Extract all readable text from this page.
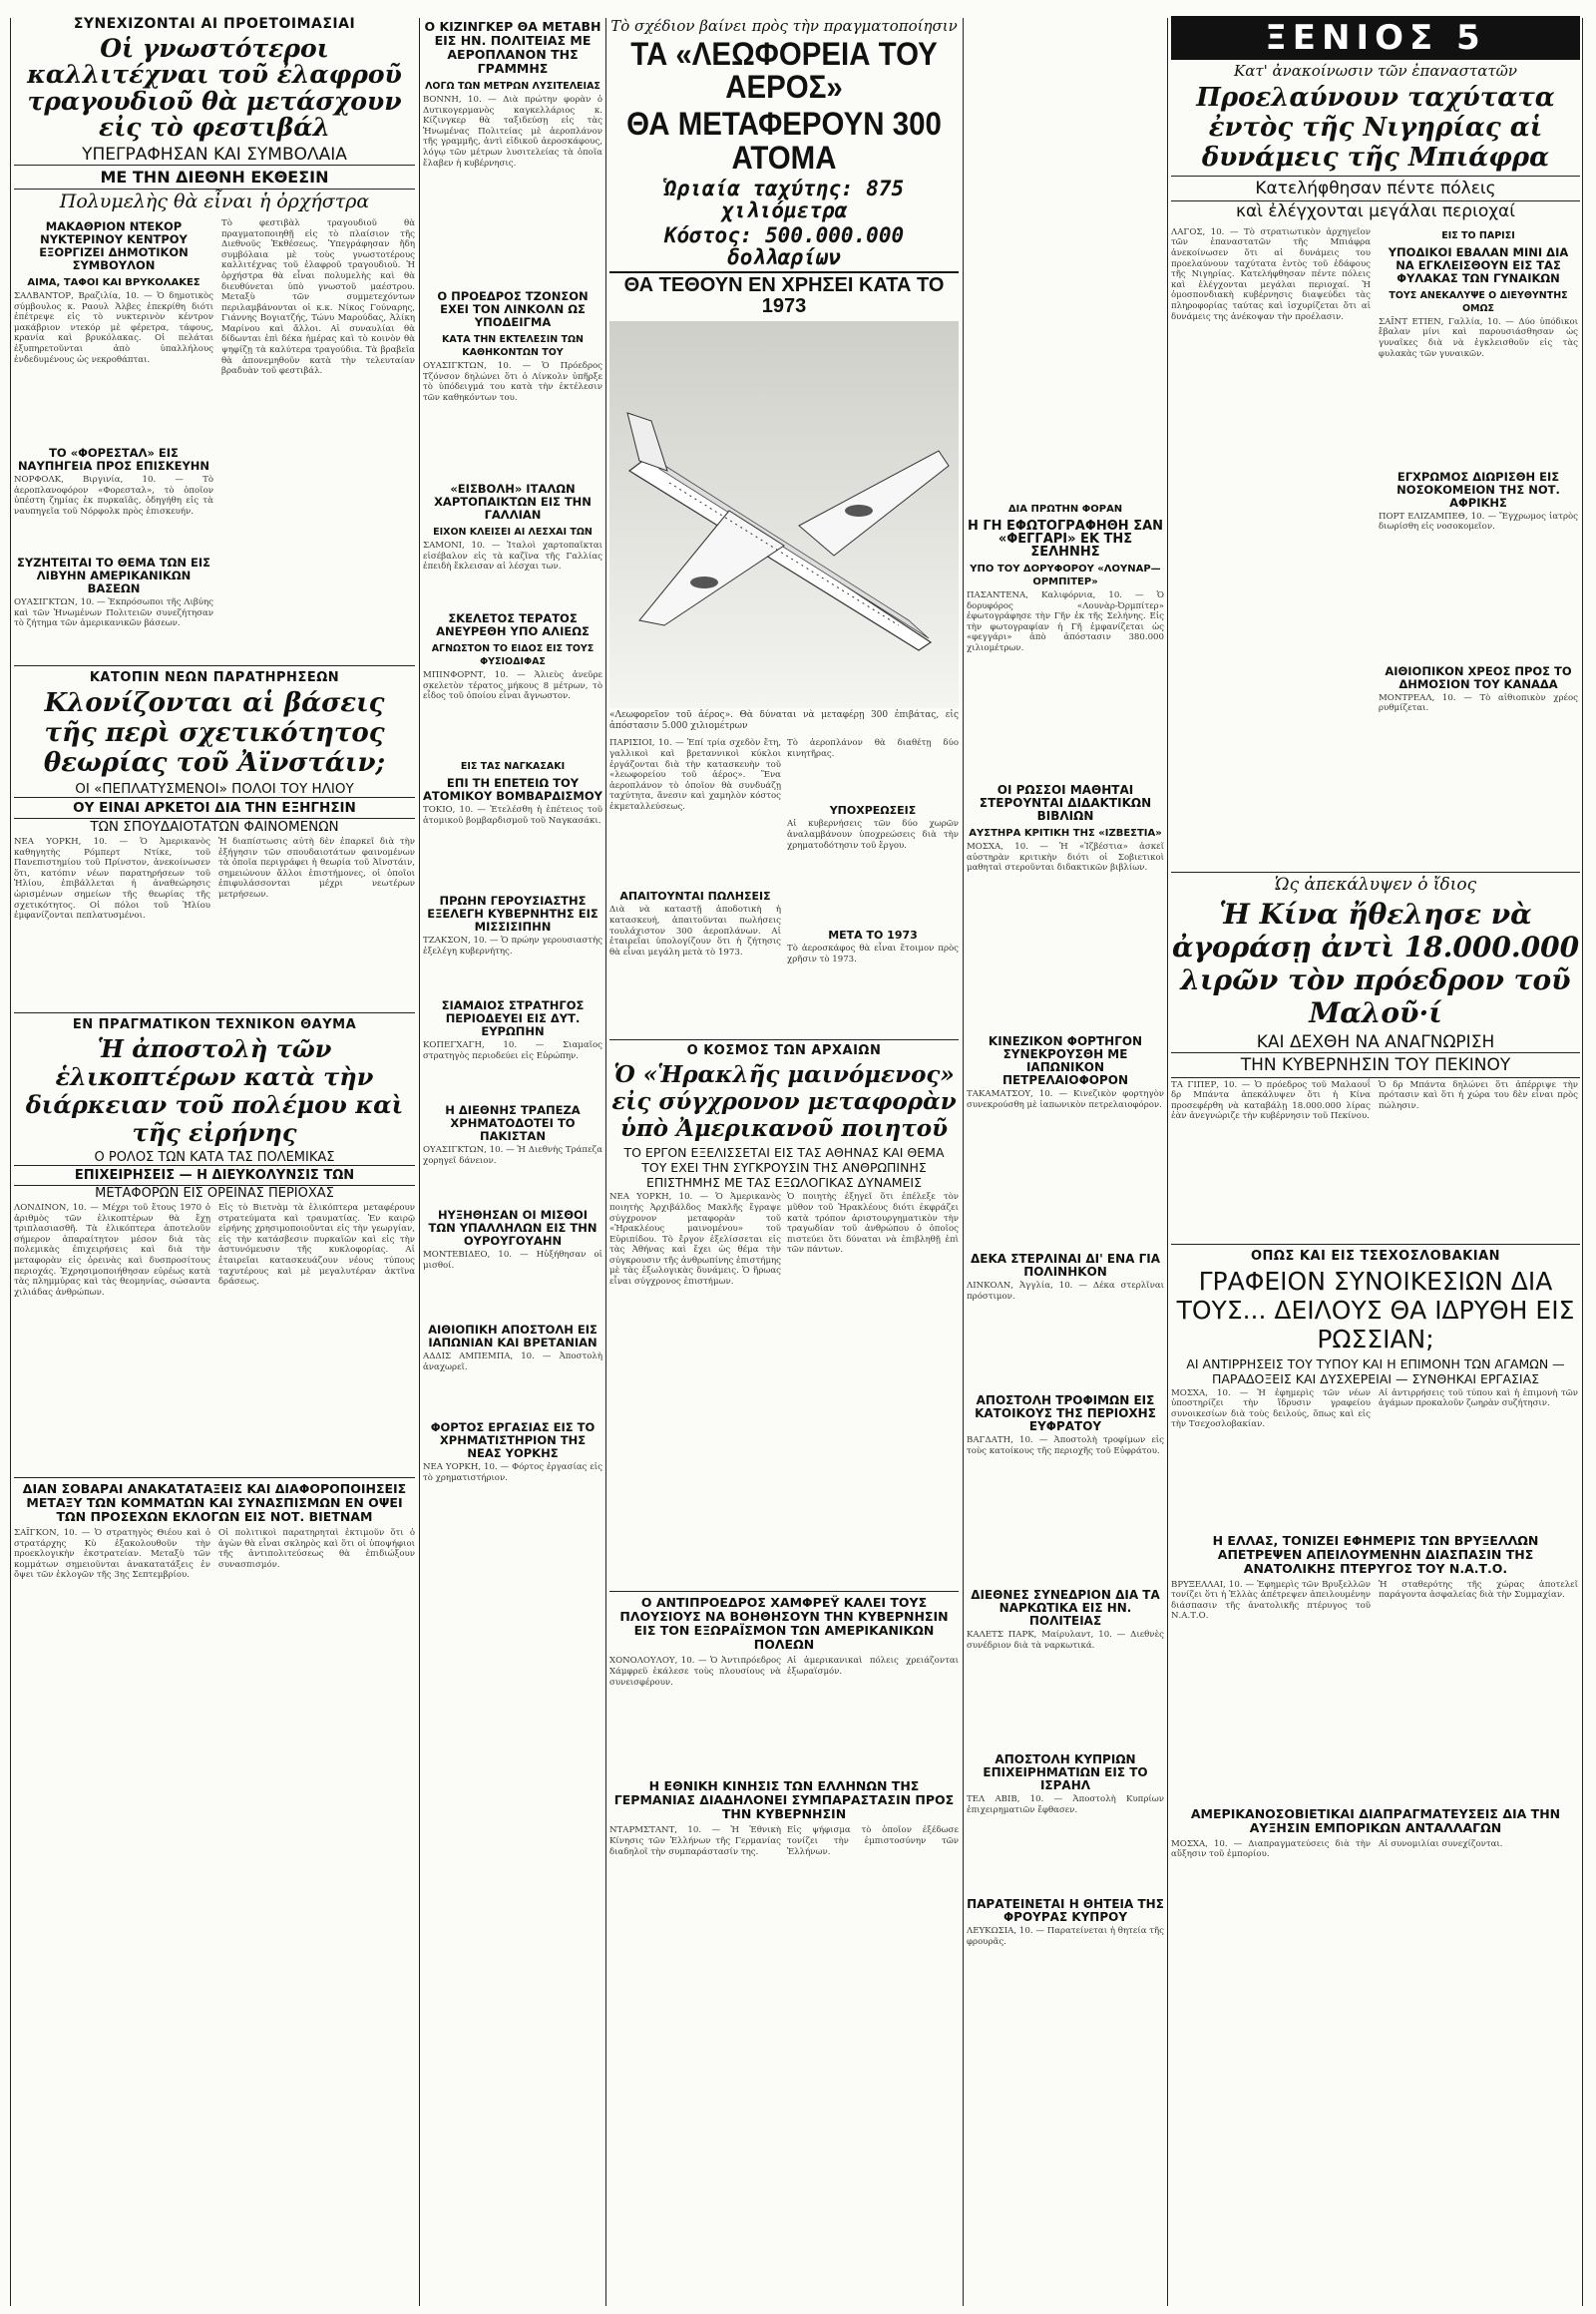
ΣΥΝΕΧΙΖΟΝΤΑΙ ΑΙ ΠΡΟΕΤΟΙΜΑΣΙΑΙ
Οἱ γνωστότεροι καλλιτέχναι τοῦ ἐλαφροῦ τραγουδιοῦ θὰ μετάσχουν εἰς τὸ φεστιβάλ
ΥΠΕΓΡΑΦΗΣΑΝ ΚΑΙ ΣΥΜΒΟΛΑΙΑ
ΜΕ ΤΗΝ ΔΙΕΘΝΗ ΕΚΘΕΣΙΝ
Πολυμελὴς θὰ εἶναι ἡ ὀρχήστρα
ΜΑΚΑΘΡΙΟΝ ΝΤΕΚΟΡ ΝΥΚΤΕΡΙΝΟΥ ΚΕΝΤΡΟΥ ΕΞΟΡΓΙΖΕΙ ΔΗΜΟΤΙΚΟΝ ΣΥΜΒΟΥΛΟΝ
ΑΙΜΑ, ΤΑΦΟΙ ΚΑΙ ΒΡΥΚΟΛΑΚΕΣ
ΣΑΛΒΑΝΤΟΡ, Βραζιλία, 10. — Ὁ δημοτικὸς σύμβουλος κ. Ραουλ Ἀλβες ἐπεκρίθη διότι ἐπέτρεψε εἰς τὸ νυκτερινὸν κέντρον μακάβριον ντεκόρ μὲ φέρετρα, τάφους, κρανία καὶ βρυκόλακας. Οἱ πελάται ἐξυπηρετοῦνται ἀπὸ ὑπαλλήλους ἐνδεδυμένους ὡς νεκροθάπται.
ΤΟ «ΦΟΡΕΣΤΑΛ» ΕΙΣ ΝΑΥΠΗΓΕΙΑ ΠΡΟΣ ΕΠΙΣΚΕΥΗΝ
ΝΟΡΦΟΛΚ, Βιργινία, 10. — Τὸ ἀεροπλανοφόρον «Φορεσταλ», τὸ ὁποῖον ὑπέστη ζημίας ἐκ πυρκαϊᾶς, ὁδηγήθη εἰς τὰ ναυπηγεῖα τοῦ Νόρφολκ πρὸς ἐπισκευήν.
ΣΥΖΗΤΕΙΤΑΙ ΤΟ ΘΕΜΑ ΤΩΝ ΕΙΣ ΛΙΒΥΗΝ ΑΜΕΡΙΚΑΝΙΚΩΝ ΒΑΣΕΩΝ
ΟΥΑΣΙΓΚΤΩΝ, 10. — Ἐκπρόσωποι τῆς Λιβύης καὶ τῶν Ἡνωμένων Πολιτειῶν συνεζήτησαν τὸ ζήτημα τῶν ἀμερικανικῶν βάσεων.
Τὸ φεστιβὰλ τραγουδιοῦ θὰ πραγματοποιηθῇ εἰς τὸ πλαίσιον τῆς Διεθνοῦς Ἐκθέσεως. Ὑπεγράφησαν ἤδη συμβόλαια μὲ τοὺς γνωστοτέρους καλλιτέχνας τοῦ ἐλαφροῦ τραγουδιοῦ. Ἡ ὀρχήστρα θὰ εἶναι πολυμελὴς καὶ θὰ διευθύνεται ὑπὸ γνωστοῦ μαέστρου. Μεταξὺ τῶν συμμετεχόντων περιλαμβάνονται οἱ κ.κ. Νίκος Γούναρης, Γιάννης Βογιατζής, Τώνυ Μαρούδας, Ἀλίκη Μαρίνου καὶ ἄλλοι. Αἱ συναυλίαι θὰ δίδωνται ἐπὶ δέκα ἡμέρας καὶ τὸ κοινὸν θὰ ψηφίζῃ τὰ καλύτερα τραγούδια. Τὰ βραβεῖα θὰ ἀπονεμηθοῦν κατὰ τὴν τελευταίαν βραδυὰν τοῦ φεστιβάλ.
ΚΑΤΟΠΙΝ ΝΕΩΝ ΠΑΡΑΤΗΡΗΣΕΩΝ
Κλονίζονται αἱ βάσεις τῆς περὶ σχετικότητος θεωρίας τοῦ Ἀϊνστάιν;
ΟΙ «ΠΕΠΛΑΤΥΣΜΕΝΟΙ» ΠΟΛΟΙ ΤΟΥ ΗΛΙΟΥ
ΟΥ ΕΙΝΑΙ ΑΡΚΕΤΟΙ ΔΙΑ ΤΗΝ ΕΞΗΓΗΣΙΝ
ΤΩΝ ΣΠΟΥΔΑΙΟΤΑΤΩΝ ΦΑΙΝΟΜΕΝΩΝ
ΝΕΑ ΥΟΡΚΗ, 10. — Ὁ Ἀμερικανὸς καθηγητὴς Ρόμπερτ Ντίκε, τοῦ Πανεπιστημίου τοῦ Πρίνστον, ἀνεκοίνωσεν ὅτι, κατόπιν νέων παρατηρήσεων τοῦ Ἡλίου, ἐπιβάλλεται ἡ ἀναθεώρησις ὡρισμένων σημείων τῆς θεωρίας τῆς σχετικότητος. Οἱ πόλοι τοῦ Ἡλίου ἐμφανίζονται πεπλατυσμένοι.
Ἡ διαπίστωσις αὐτὴ δὲν ἐπαρκεῖ διὰ τὴν ἐξήγησιν τῶν σπουδαιοτάτων φαινομένων τὰ ὁποῖα περιγράφει ἡ θεωρία τοῦ Ἀϊνστάιν, σημειώνουν ἄλλοι ἐπιστήμονες, οἱ ὁποῖοι ἐπιφυλάσσονται μέχρι νεωτέρων μετρήσεων.
ΕΝ ΠΡΑΓΜΑΤΙΚΟΝ ΤΕΧΝΙΚΟΝ ΘΑΥΜΑ
Ἡ ἀποστολὴ τῶν ἑλικοπτέρων κατὰ τὴν διάρκειαν τοῦ πολέμου καὶ τῆς εἰρήνης
Ο ΡΟΛΟΣ ΤΩΝ ΚΑΤΑ ΤΑΣ ΠΟΛΕΜΙΚΑΣ
ΕΠΙΧΕΙΡΗΣΕΙΣ — Η ΔΙΕΥΚΟΛΥΝΣΙΣ ΤΩΝ
ΜΕΤΑΦΟΡΩΝ ΕΙΣ ΟΡΕΙΝΑΣ ΠΕΡΙΟΧΑΣ
ΛΟΝΔΙΝΟΝ, 10. — Μέχρι τοῦ ἔτους 1970 ὁ ἀριθμὸς τῶν ἑλικοπτέρων θὰ ἔχῃ τριπλασιασθῆ. Τὰ ἑλικόπτερα ἀποτελοῦν σήμερον ἀπαραίτητον μέσον διὰ τὰς πολεμικὰς ἐπιχειρήσεις καὶ διὰ τὴν μεταφορὰν εἰς ὀρεινὰς καὶ δυσπροσίτους περιοχάς. Ἐχρησιμοποιήθησαν εὐρέως κατὰ τὰς πλημμύρας καὶ τὰς θεομηνίας, σώσαντα χιλιάδας ἀνθρώπων.
Εἰς τὸ Βιετνὰμ τὰ ἑλικόπτερα μεταφέρουν στρατεύματα καὶ τραυματίας. Ἐν καιρῷ εἰρήνης χρησιμοποιοῦνται εἰς τὴν γεωργίαν, εἰς τὴν κατάσβεσιν πυρκαϊῶν καὶ εἰς τὴν ἀστυνόμευσιν τῆς κυκλοφορίας. Αἱ ἐταιρεῖαι κατασκευάζουν νέους τύπους ταχυτέρους καὶ μὲ μεγαλυτέραν ἀκτῖνα δράσεως.
ΔΙΑΝ ΣΟΒΑΡΑΙ ΑΝΑΚΑΤΑΤΑΞΕΙΣ ΚΑΙ ΔΙΑΦΟΡΟΠΟΙΗΣΕΙΣ ΜΕΤΑΞΥ ΤΩΝ ΚΟΜΜΑΤΩΝ ΚΑΙ ΣΥΝΑΣΠΙΣΜΩΝ ΕΝ ΟΨΕΙ ΤΩΝ ΠΡΟΣΕΧΩΝ ΕΚΛΟΓΩΝ ΕΙΣ ΝΟΤ. ΒΙΕΤΝΑΜ
ΣΑΪΓΚΟΝ, 10. — Ὁ στρατηγὸς Θιέου καὶ ὁ στρατάρχης Κὺ ἐξακολουθοῦν τὴν προεκλογικὴν ἐκστρατείαν. Μεταξὺ τῶν κομμάτων σημειοῦνται ἀνακατατάξεις ἐν ὄψει τῶν ἐκλογῶν τῆς 3ης Σεπτεμβρίου.
Οἱ πολιτικοὶ παρατηρηταὶ ἐκτιμοῦν ὅτι ὁ ἀγὼν θὰ εἶναι σκληρὸς καὶ ὅτι οἱ ὑποψήφιοι τῆς ἀντιπολιτεύσεως θὰ ἐπιδιώξουν συνασπισμόν.
Ο ΚΙΖΙΝΓΚΕΡ ΘΑ ΜΕΤΑΒΗ ΕΙΣ ΗΝ. ΠΟΛΙΤΕΙΑΣ ΜΕ ΑΕΡΟΠΛΑΝΟΝ ΤΗΣ ΓΡΑΜΜΗΣ
ΛΟΓΩ ΤΩΝ ΜΕΤΡΩΝ ΛΥΣΙΤΕΛΕΙΑΣ
ΒΟΝΝΗ, 10. — Διὰ πρώτην φορὰν ὁ Δυτικογερμανὸς καγκελλάριος κ. Κίζινγκερ θὰ ταξιδεύσῃ εἰς τὰς Ἡνωμένας Πολιτείας μὲ ἀεροπλάνον τῆς γραμμῆς, ἀντὶ εἰδικοῦ ἀεροσκάφους, λόγῳ τῶν μέτρων λυσιτελείας τὰ ὁποῖα ἔλαβεν ἡ κυβέρνησις.
Ο ΠΡΟΕΔΡΟΣ ΤΖΟΝΣΟΝ ΕΧΕΙ ΤΟΝ ΛΙΝΚΟΛΝ ΩΣ ΥΠΟΔΕΙΓΜΑ
ΚΑΤΑ ΤΗΝ ΕΚΤΕΛΕΣΙΝ ΤΩΝ ΚΑΘΗΚΟΝΤΩΝ ΤΟΥ
ΟΥΑΣΙΓΚΤΩΝ, 10. — Ὁ Πρόεδρος Τζόνσον δηλώνει ὅτι ὁ Λίνκολν ὑπῆρξε τὸ ὑπόδειγμά του κατὰ τὴν ἐκτέλεσιν τῶν καθηκόντων του.
«ΕΙΣΒΟΛΗ» ΙΤΑΛΩΝ ΧΑΡΤΟΠΑΙΚΤΩΝ ΕΙΣ ΤΗΝ ΓΑΛΛΙΑΝ
ΕΙΧΟΝ ΚΛΕΙΣΕΙ ΑΙ ΛΕΣΧΑΙ ΤΩΝ
ΣΑΜΟΝΙ, 10. — Ἰταλοὶ χαρτοπαῖκται εἰσέβαλον εἰς τὰ καζῖνα τῆς Γαλλίας ἐπειδὴ ἔκλεισαν αἱ λέσχαι των.
ΣΚΕΛΕΤΟΣ ΤΕΡΑΤΟΣ ΑΝΕΥΡΕΘΗ ΥΠΟ ΑΛΙΕΩΣ
ΑΓΝΩΣΤΟΝ ΤΟ ΕΙΔΟΣ ΕΙΣ ΤΟΥΣ ΦΥΣΙΟΔΙΦΑΣ
ΜΠΙΝΦΟΡΝΤ, 10. — Ἁλιεὺς ἀνεῦρε σκελετὸν τέρατος μήκους 8 μέτρων, τὸ εἶδος τοῦ ὁποίου εἶναι ἄγνωστον.
ΕΙΣ ΤΑΣ ΝΑΓΚΑΣΑΚΙ
ΕΠΙ ΤΗ ΕΠΕΤΕΙΩ ΤΟΥ ΑΤΟΜΙΚΟΥ ΒΟΜΒΑΡΔΙΣΜΟΥ
ΤΟΚΙΟ, 10. — Ἐτελέσθη ἡ ἐπέτειος τοῦ ἀτομικοῦ βομβαρδισμοῦ τοῦ Ναγκασάκι.
ΠΡΩΗΝ ΓΕΡΟΥΣΙΑΣΤΗΣ ΕΞΕΛΕΓΗ ΚΥΒΕΡΝΗΤΗΣ ΕΙΣ ΜΙΣΣΙΣΙΠΗΝ
ΤΖΑΚΣΟΝ, 10. — Ὁ πρώην γερουσιαστὴς ἐξελέγη κυβερνήτης.
ΣΙΑΜΑΙΟΣ ΣΤΡΑΤΗΓΟΣ ΠΕΡΙΟΔΕΥΕΙ ΕΙΣ ΔΥΤ. ΕΥΡΩΠΗΝ
ΚΟΠΕΓΧΑΓΗ, 10. — Σιαμαῖος στρατηγὸς περιοδεύει εἰς Εὐρώπην.
Η ΔΙΕΘΝΗΣ ΤΡΑΠΕΖΑ ΧΡΗΜΑΤΟΔΟΤΕΙ ΤΟ ΠΑΚΙΣΤΑΝ
ΟΥΑΣΙΓΚΤΩΝ, 10. — Ἡ Διεθνὴς Τράπεζα χορηγεῖ δάνειον.
ΗΥΞΗΘΗΣΑΝ ΟΙ ΜΙΣΘΟΙ ΤΩΝ ΥΠΑΛΛΗΛΩΝ ΕΙΣ ΤΗΝ ΟΥΡΟΥΓΟΥΑΗΝ
ΜΟΝΤΕΒΙΔΕΟ, 10. — Ηὐξήθησαν οἱ μισθοί.
ΑΙΘΙΟΠΙΚΗ ΑΠΟΣΤΟΛΗ ΕΙΣ ΙΑΠΩΝΙΑΝ ΚΑΙ ΒΡΕΤΑΝΙΑΝ
ΑΔΔΙΣ ΑΜΠΕΜΠΑ, 10. — Ἀποστολὴ ἀναχωρεῖ.
ΦΟΡΤΟΣ ΕΡΓΑΣΙΑΣ ΕΙΣ ΤΟ ΧΡΗΜΑΤΙΣΤΗΡΙΟΝ ΤΗΣ ΝΕΑΣ ΥΟΡΚΗΣ
ΝΕΑ ΥΟΡΚΗ, 10. — Φόρτος ἐργασίας εἰς τὸ χρηματιστήριον.
Τὸ σχέδιον βαίνει πρὸς τὴν πραγματοποίησιν
ΤΑ «ΛΕΩΦΟΡΕΙΑ ΤΟΥ ΑΕΡΟΣ»
ΘΑ ΜΕΤΑΦΕΡΟΥΝ 300 ΑΤΟΜΑ
Ὡριαία ταχύτης: 875 χιλιόμετρα
Κόστος: 500.000.000 δολλαρίων
ΘΑ ΤΕΘΟΥΝ ΕΝ ΧΡΗΣΕΙ ΚΑΤΑ ΤΟ 1973
«Λεωφορεῖον τοῦ ἀέρος». Θὰ δύναται νὰ μεταφέρῃ 300 ἐπιβάτας, εἰς ἀπόστασιν 5.000 χιλιομέτρων
ΠΑΡΙΣΙΟΙ, 10. — Ἐπί τρία σχεδὸν ἔτη, γαλλικοὶ καὶ βρεταννικοὶ κύκλοι ἐργάζονται διὰ τὴν κατασκευὴν τοῦ «λεωφορείου τοῦ ἀέρος». Ἕνα ἀεροπλάνον τὸ ὁποῖον θὰ συνδυάζῃ ταχύτητα, ἄνεσιν καὶ χαμηλὸν κόστος ἐκμεταλλεύσεως.
ΑΠΑΙΤΟΥΝΤΑΙ ΠΩΛΗΣΕΙΣ
Διὰ νὰ καταστῇ ἀποδοτικὴ ἡ κατασκευή, ἀπαιτοῦνται πωλήσεις τουλάχιστον 300 ἀεροπλάνων. Αἱ ἑταιρεῖαι ὑπολογίζουν ὅτι ἡ ζήτησις θὰ εἶναι μεγάλη μετὰ τὸ 1973.
Τὸ ἀεροπλάνον θὰ διαθέτῃ δύο κινητῆρας.
ΥΠΟΧΡΕΩΣΕΙΣ
Αἱ κυβερνήσεις τῶν δύο χωρῶν ἀναλαμβάνουν ὑποχρεώσεις διὰ τὴν χρηματοδότησιν τοῦ ἔργου.
ΜΕΤΑ ΤΟ 1973
Τὸ ἀεροσκάφος θὰ εἶναι ἕτοιμον πρὸς χρῆσιν τὸ 1973.
Ο ΚΟΣΜΟΣ ΤΩΝ ΑΡΧΑΙΩΝ
Ὁ «Ἡρακλῆς μαινόμενος» εἰς σύγχρονον μεταφορὰν ὑπὸ Ἀμερικανοῦ ποιητοῦ
ΤΟ ΕΡΓΟΝ ΕΞΕΛΙΣΣΕΤΑΙ ΕΙΣ ΤΑΣ ΑΘΗΝΑΣ ΚΑΙ ΘΕΜΑ ΤΟΥ ΕΧΕΙ ΤΗΝ ΣΥΓΚΡΟΥΣΙΝ ΤΗΣ ΑΝΘΡΩΠΙΝΗΣ ΕΠΙΣΤΗΜΗΣ ΜΕ ΤΑΣ ΕΞΩΛΟΓΙΚΑΣ ΔΥΝΑΜΕΙΣ
ΝΕΑ ΥΟΡΚΗ, 10. — Ὁ Ἀμερικανὸς ποιητὴς Ἀρχιβάλδος Μακλῆς ἔγραψε σύγχρονον μεταφορὰν τοῦ «Ἡρακλέους μαινομένου» τοῦ Εὐριπίδου. Τὸ ἔργον ἐξελίσσεται εἰς τὰς Ἀθήνας καὶ ἔχει ὡς θέμα τὴν σύγκρουσιν τῆς ἀνθρωπίνης ἐπιστήμης μὲ τὰς ἐξωλογικὰς δυνάμεις. Ὁ ἥρωας εἶναι σύγχρονος ἐπιστήμων.
Ὁ ποιητὴς ἐξηγεῖ ὅτι ἐπέλεξε τὸν μῦθον τοῦ Ἡρακλέους διότι ἐκφράζει κατὰ τρόπον ἀριστουργηματικὸν τὴν τραγωδίαν τοῦ ἀνθρώπου ὁ ὁποῖος πιστεύει ὅτι δύναται νὰ ἐπιβληθῇ ἐπὶ τῶν πάντων.
Ο ΑΝΤΙΠΡΟΕΔΡΟΣ ΧΑΜΦΡΕΫ ΚΑΛΕΙ ΤΟΥΣ ΠΛΟΥΣΙΟΥΣ ΝΑ ΒΟΗΘΗΣΟΥΝ ΤΗΝ ΚΥΒΕΡΝΗΣΙΝ ΕΙΣ ΤΟΝ ΕΞΩΡΑΪΣΜΟΝ ΤΩΝ ΑΜΕΡΙΚΑΝΙΚΩΝ ΠΟΛΕΩΝ
ΧΟΝΟΛΟΥΛΟΥ, 10. — Ὁ Ἀντιπρόεδρος Χάμφρεϋ ἐκάλεσε τοὺς πλουσίους νὰ συνεισφέρουν.
Αἱ ἀμερικανικαὶ πόλεις χρειάζονται ἐξωραϊσμόν.
Η ΕΘΝΙΚΗ ΚΙΝΗΣΙΣ ΤΩΝ ΕΛΛΗΝΩΝ ΤΗΣ ΓΕΡΜΑΝΙΑΣ ΔΙΑΔΗΛΟΝΕΙ ΣΥΜΠΑΡΑΣΤΑΣΙΝ ΠΡΟΣ ΤΗΝ ΚΥΒΕΡΝΗΣΙΝ
ΝΤΑΡΜΣΤΑΝΤ, 10. — Ἡ Ἐθνικὴ Κίνησις τῶν Ἑλλήνων τῆς Γερμανίας διαδηλοῖ τὴν συμπαράστασίν της.
Εἰς ψήφισμα τὸ ὁποῖον ἐξέδωσε τονίζει τὴν ἐμπιστοσύνην τῶν Ἑλλήνων.
ΔΙΑ ΠΡΩΤΗΝ ΦΟΡΑΝ
Η ΓΗ ΕΦΩΤΟΓΡΑΦΗΘΗ ΣΑΝ «ΦΕΓΓΑΡΙ» ΕΚ ΤΗΣ ΣΕΛΗΝΗΣ
ΥΠΟ ΤΟΥ ΔΟΡΥΦΟΡΟΥ «ΛΟΥΝΑΡ—ΟΡΜΠΙΤΕΡ»
ΠΑΣΑΝΤΕΝΑ, Καλιφόρνια, 10. — Ὁ δορυφόρος «Λουνὰρ-Ὀρμπίτερ» ἐφωτογράφησε τὴν Γῆν ἐκ τῆς Σελήνης. Εἰς τὴν φωτογραφίαν ἡ Γῆ ἐμφανίζεται ὡς «φεγγάρι» ἀπὸ ἀπόστασιν 380.000 χιλιομέτρων.
ΟΙ ΡΩΣΣΟΙ ΜΑΘΗΤΑΙ ΣΤΕΡΟΥΝΤΑΙ ΔΙΔΑΚΤΙΚΩΝ ΒΙΒΛΙΩΝ
ΑΥΣΤΗΡΑ ΚΡΙΤΙΚΗ ΤΗΣ «ΙΖΒΕΣΤΙΑ»
ΜΟΣΧΑ, 10. — Ἡ «Ἰζβέστια» ἀσκεῖ αὐστηρὰν κριτικὴν διότι οἱ Σοβιετικοὶ μαθηταὶ στεροῦνται διδακτικῶν βιβλίων.
ΚΙΝΕΖΙΚΟΝ ΦΟΡΤΗΓΟΝ ΣΥΝΕΚΡΟΥΣΘΗ ΜΕ ΙΑΠΩΝΙΚΟΝ ΠΕΤΡΕΛΑΙΟΦΟΡΟΝ
ΤΑΚΑΜΑΤΣΟΥ, 10. — Κινεζικὸν φορτηγὸν συνεκρούσθη μὲ ἰαπωνικὸν πετρελαιοφόρον.
ΔΕΚΑ ΣΤΕΡΛΙΝΑΙ ΔΙ' ΕΝΑ ΓΙΑ ΠΟΛΙΝΗΚΟΝ
ΛΙΝΚΟΛΝ, Ἀγγλία, 10. — Δέκα στερλῖναι πρόστιμον.
ΑΠΟΣΤΟΛΗ ΤΡΟΦΙΜΩΝ ΕΙΣ ΚΑΤΟΙΚΟΥΣ ΤΗΣ ΠΕΡΙΟΧΗΣ ΕΥΦΡΑΤΟΥ
ΒΑΓΔΑΤΗ, 10. — Ἀποστολὴ τροφίμων εἰς τοὺς κατοίκους τῆς περιοχῆς τοῦ Εὐφράτου.
ΔΙΕΘΝΕΣ ΣΥΝΕΔΡΙΟΝ ΔΙΑ ΤΑ ΝΑΡΚΩΤΙΚΑ ΕΙΣ ΗΝ. ΠΟΛΙΤΕΙΑΣ
ΚΑΛΕΤΣ ΠΑΡΚ, Μαίρυλαντ, 10. — Διεθνὲς συνέδριον διὰ τὰ ναρκωτικά.
ΑΠΟΣΤΟΛΗ ΚΥΠΡΙΩΝ ΕΠΙΧΕΙΡΗΜΑΤΙΩΝ ΕΙΣ ΤΟ ΙΣΡΑΗΛ
ΤΕΛ ΑΒΙΒ, 10. — Ἀποστολὴ Κυπρίων ἐπιχειρηματιῶν ἔφθασεν.
ΠΑΡΑΤΕΙΝΕΤΑΙ Η ΘΗΤΕΙΑ ΤΗΣ ΦΡΟΥΡΑΣ ΚΥΠΡΟΥ
ΛΕΥΚΩΣΙΑ, 10. — Παρατείνεται ἡ θητεία τῆς φρουρᾶς.
ΞΕΝΙΟΣ 5
Κατ' ἀνακοίνωσιν τῶν ἐπαναστατῶν
Προελαύνουν ταχύτατα ἐντὸς τῆς Νιγηρίας αἱ δυνάμεις τῆς Μπιάφρα
Κατελήφθησαν πέντε πόλεις
καὶ ἐλέγχονται μεγάλαι περιοχαί
ΛΑΓΟΣ, 10. — Τὸ στρατιωτικὸν ἀρχηγεῖον τῶν ἐπαναστατῶν τῆς Μπιάφρα ἀνεκοίνωσεν ὅτι αἱ δυνάμεις του προελαύνουν ταχύτατα ἐντὸς τοῦ ἐδάφους τῆς Νιγηρίας. Κατελήφθησαν πέντε πόλεις καὶ ἐλέγχονται μεγάλαι περιοχαί. Ἡ ὁμοσπονδιακὴ κυβέρνησις διαψεύδει τὰς πληροφορίας ταύτας καὶ ἰσχυρίζεται ὅτι αἱ δυνάμεις της ἀνέκοψαν τὴν προέλασιν.
ΕΙΣ ΤΟ ΠΑΡΙΣΙ
ΥΠΟΔΙΚΟΙ ΕΒΑΛΑΝ ΜΙΝΙ ΔΙΑ ΝΑ ΕΓΚΛΕΙΣΘΟΥΝ ΕΙΣ ΤΑΣ ΦΥΛΑΚΑΣ ΤΩΝ ΓΥΝΑΙΚΩΝ
ΤΟΥΣ ΑΝΕΚΑΛΥΨΕ Ο ΔΙΕΥΘΥΝΤΗΣ ΟΜΩΣ
ΣΑΪΝΤ ΕΤΙΕΝ, Γαλλία, 10. — Δύο ὑπόδικοι ἔβαλαν μίνι καὶ παρουσιάσθησαν ὡς γυναῖκες διὰ νὰ ἐγκλεισθοῦν εἰς τὰς φυλακὰς τῶν γυναικῶν.
ΕΓΧΡΩΜΟΣ ΔΙΩΡΙΣΘΗ ΕΙΣ ΝΟΣΟΚΟΜΕΙΟΝ ΤΗΣ ΝΟΤ. ΑΦΡΙΚΗΣ
ΠΟΡΤ ΕΛΙΖΑΜΠΕΘ, 10. — Ἔγχρωμος ἰατρὸς διωρίσθη εἰς νοσοκομεῖον.
ΑΙΘΙΟΠΙΚΟΝ ΧΡΕΟΣ ΠΡΟΣ ΤΟ ΔΗΜΟΣΙΟΝ ΤΟΥ ΚΑΝΑΔΑ
ΜΟΝΤΡΕΑΛ, 10. — Τὸ αἰθιοπικὸν χρέος ρυθμίζεται.
Ὡς ἀπεκάλυψεν ὁ ἴδιος
Ἡ Κίνα ἤθελησε νὰ ἀγοράσῃ ἀντὶ 18.000.000 λιρῶν τὸν πρόεδρον τοῦ Μαλοῦ·ί
ΚΑΙ ΔΕΧΘΗ ΝΑ ΑΝΑΓΝΩΡΙΣΗ
ΤΗΝ ΚΥΒΕΡΝΗΣΙΝ ΤΟΥ ΠΕΚΙΝΟΥ
ΤΑ ΓΙΠΕΡ, 10. — Ὁ πρόεδρος τοῦ Μαλαουΐ δρ Μπάντα ἀπεκάλυψεν ὅτι ἡ Κίνα προσεφέρθη νὰ καταβάλῃ 18.000.000 λίρας ἐὰν ἀνεγνώριζε τὴν κυβέρνησιν τοῦ Πεκίνου.
Ὁ δρ Μπάντα δηλώνει ὅτι ἀπέρριψε τὴν πρότασιν καὶ ὅτι ἡ χώρα του δὲν εἶναι πρὸς πώλησιν.
ΟΠΩΣ ΚΑΙ ΕΙΣ ΤΣΕΧΟΣΛΟΒΑΚΙΑΝ
ΓΡΑΦΕΙΟΝ ΣΥΝΟΙΚΕΣΙΩΝ ΔΙΑ ΤΟΥΣ... ΔΕΙΛΟΥΣ ΘΑ ΙΔΡΥΘΗ ΕΙΣ ΡΩΣΣΙΑΝ;
ΑΙ ΑΝΤΙΡΡΗΣΕΙΣ ΤΟΥ ΤΥΠΟΥ ΚΑΙ Η ΕΠΙΜΟΝΗ ΤΩΝ ΑΓΑΜΩΝ — ΠΑΡΑΔΟΞΕΙΣ ΚΑΙ ΔΥΣΧΕΡΕΙΑΙ — ΣΥΝΘΗΚΑΙ ΕΡΓΑΣΙΑΣ
ΜΟΣΧΑ, 10. — Ἡ ἐφημερὶς τῶν νέων ὑποστηρίζει τὴν ἵδρυσιν γραφείου συνοικεσίων διὰ τοὺς δειλούς, ὅπως καὶ εἰς τὴν Τσεχοσλοβακίαν.
Αἱ ἀντιρρήσεις τοῦ τύπου καὶ ἡ ἐπιμονὴ τῶν ἀγάμων προκαλοῦν ζωηρὰν συζήτησιν.
Η ΕΛΛΑΣ, ΤΟΝΙΖΕΙ ΕΦΗΜΕΡΙΣ ΤΩΝ ΒΡΥΞΕΛΛΩΝ ΑΠΕΤΡΕΨΕΝ ΑΠΕΙΛΟΥΜΕΝΗΝ ΔΙΑΣΠΑΣΙΝ ΤΗΣ ΑΝΑΤΟΛΙΚΗΣ ΠΤΕΡΥΓΟΣ ΤΟΥ Ν.Α.Τ.Ο.
ΒΡΥΞΕΛΛΑΙ, 10. — Ἐφημερὶς τῶν Βρυξελλῶν τονίζει ὅτι ἡ Ἑλλὰς ἀπέτρεψεν ἀπειλουμένην διάσπασιν τῆς ἀνατολικῆς πτέρυγος τοῦ Ν.Α.Τ.Ο.
Ἡ σταθερότης τῆς χώρας ἀποτελεῖ παράγοντα ἀσφαλείας διὰ τὴν Συμμαχίαν.
ΑΜΕΡΙΚΑΝΟΣΟΒΙΕΤΙΚΑΙ ΔΙΑΠΡΑΓΜΑΤΕΥΣΕΙΣ ΔΙΑ ΤΗΝ ΑΥΞΗΣΙΝ ΕΜΠΟΡΙΚΩΝ ΑΝΤΑΛΛΑΓΩΝ
ΜΟΣΧΑ, 10. — Διαπραγματεύσεις διὰ τὴν αὔξησιν τοῦ ἐμπορίου.
Αἱ συνομιλίαι συνεχίζονται.
